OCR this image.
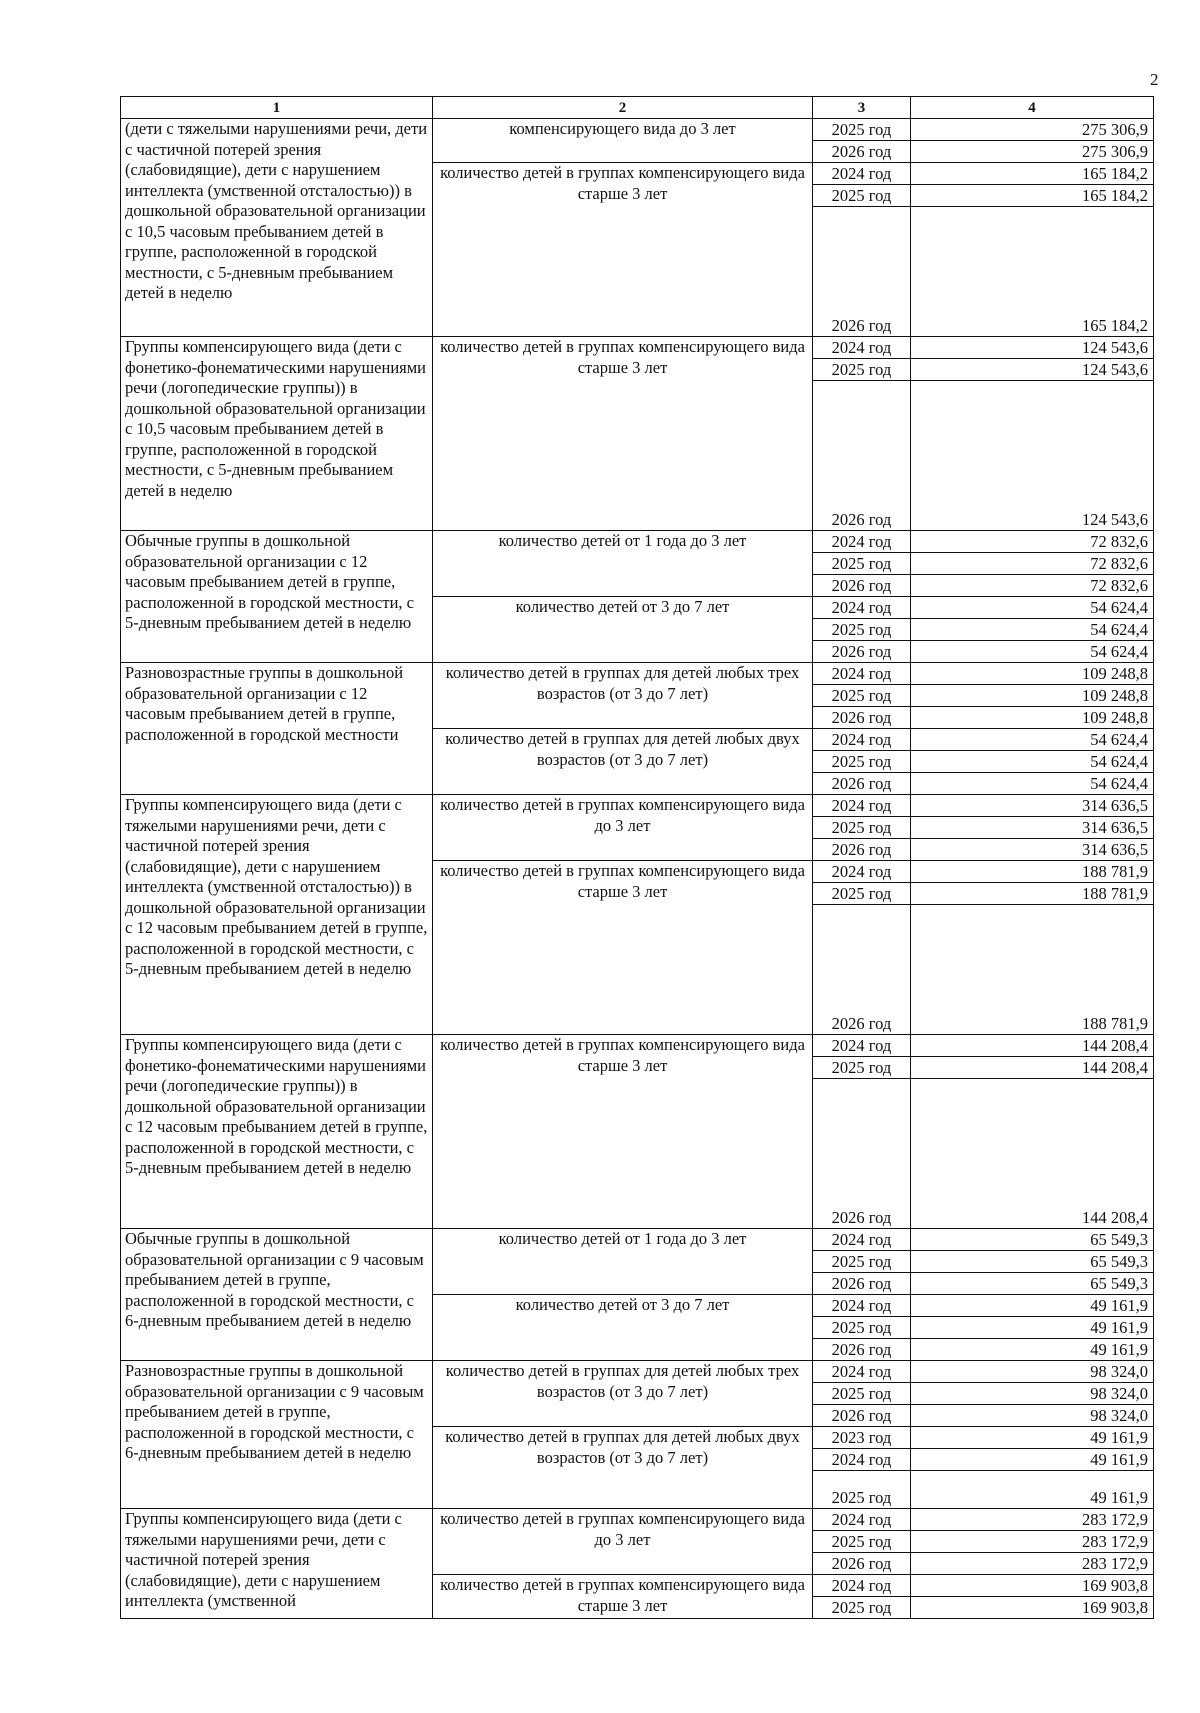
2
1	2	3	4
(дети с тяжелыми нарушениями речи, дети с частичной потерей зрения (слабовидящие), дети с нарушением интеллекта (умственной отсталостью)) в дошкольной образовательной организации с 10,5 часовым пребыванием детей в группе, расположенной в городской местности, с 5-дневным пребыванием детей в неделю	компенсирующего вида до 3 лет	2025 год	275 306,9
		2026 год	275 306,9
	количество детей в группах компенсирующего вида старше 3 лет	2024 год	165 184,2
		2025 год	165 184,2
		2026 год	165 184,2
Группы компенсирующего вида (дети с фонетико-фонематическими нарушениями речи (логопедические группы)) в дошкольной образовательной организации с 10,5 часовым пребыванием детей в группе, расположенной в городской местности, с 5-дневным пребыванием детей в неделю	количество детей в группах компенсирующего вида старше 3 лет	2024 год	124 543,6
		2025 год	124 543,6
		2026 год	124 543,6
Обычные группы в дошкольной образовательной организации с 12 часовым пребыванием детей в группе, расположенной в городской местности, с 5-дневным пребыванием детей в неделю	количество детей от 1 года до 3 лет	2024 год	72 832,6
		2025 год	72 832,6
		2026 год	72 832,6
	количество детей от 3 до 7 лет	2024 год	54 624,4
		2025 год	54 624,4
		2026 год	54 624,4
Разновозрастные группы в дошкольной образовательной организации с 12 часовым пребыванием детей в группе, расположенной в городской местности	количество детей в группах для детей любых трех возрастов (от 3 до 7 лет)	2024 год	109 248,8
		2025 год	109 248,8
		2026 год	109 248,8
	количество детей в группах для детей любых двух возрастов (от 3 до 7 лет)	2024 год	54 624,4
		2025 год	54 624,4
		2026 год	54 624,4
Группы компенсирующего вида (дети с тяжелыми нарушениями речи, дети с частичной потерей зрения (слабовидящие), дети с нарушением интеллекта (умственной отсталостью)) в дошкольной образовательной организации с 12 часовым пребыванием детей в группе, расположенной в городской местности, с 5-дневным пребыванием детей в неделю	количество детей в группах компенсирующего вида до 3 лет	2024 год	314 636,5
		2025 год	314 636,5
		2026 год	314 636,5
	количество детей в группах компенсирующего вида старше 3 лет	2024 год	188 781,9
		2025 год	188 781,9
		2026 год	188 781,9
Группы компенсирующего вида (дети с фонетико-фонематическими нарушениями речи (логопедические группы)) в дошкольной образовательной организации с 12 часовым пребыванием детей в группе, расположенной в городской местности, с 5-дневным пребыванием детей в неделю	количество детей в группах компенсирующего вида старше 3 лет	2024 год	144 208,4
		2025 год	144 208,4
		2026 год	144 208,4
Обычные группы в дошкольной образовательной организации с 9 часовым пребыванием детей в группе, расположенной в городской местности, с 6-дневным пребыванием детей в неделю	количество детей от 1 года до 3 лет	2024 год	65 549,3
		2025 год	65 549,3
		2026 год	65 549,3
	количество детей от 3 до 7 лет	2024 год	49 161,9
		2025 год	49 161,9
		2026 год	49 161,9
Разновозрастные группы в дошкольной образовательной организации с 9 часовым пребыванием детей в группе, расположенной в городской местности, с 6-дневным пребыванием детей в неделю	количество детей в группах для детей любых трех возрастов (от 3 до 7 лет)	2024 год	98 324,0
		2025 год	98 324,0
		2026 год	98 324,0
	количество детей в группах для детей любых двух возрастов (от 3 до 7 лет)	2023 год	49 161,9
		2024 год	49 161,9
		2025 год	49 161,9
Группы компенсирующего вида (дети с тяжелыми нарушениями речи, дети с частичной потерей зрения (слабовидящие), дети с нарушением интеллекта (умственной	количество детей в группах компенсирующего вида до 3 лет	2024 год	283 172,9
		2025 год	283 172,9
		2026 год	283 172,9
	количество детей в группах компенсирующего вида старше 3 лет	2024 год	169 903,8
		2025 год	169 903,8
